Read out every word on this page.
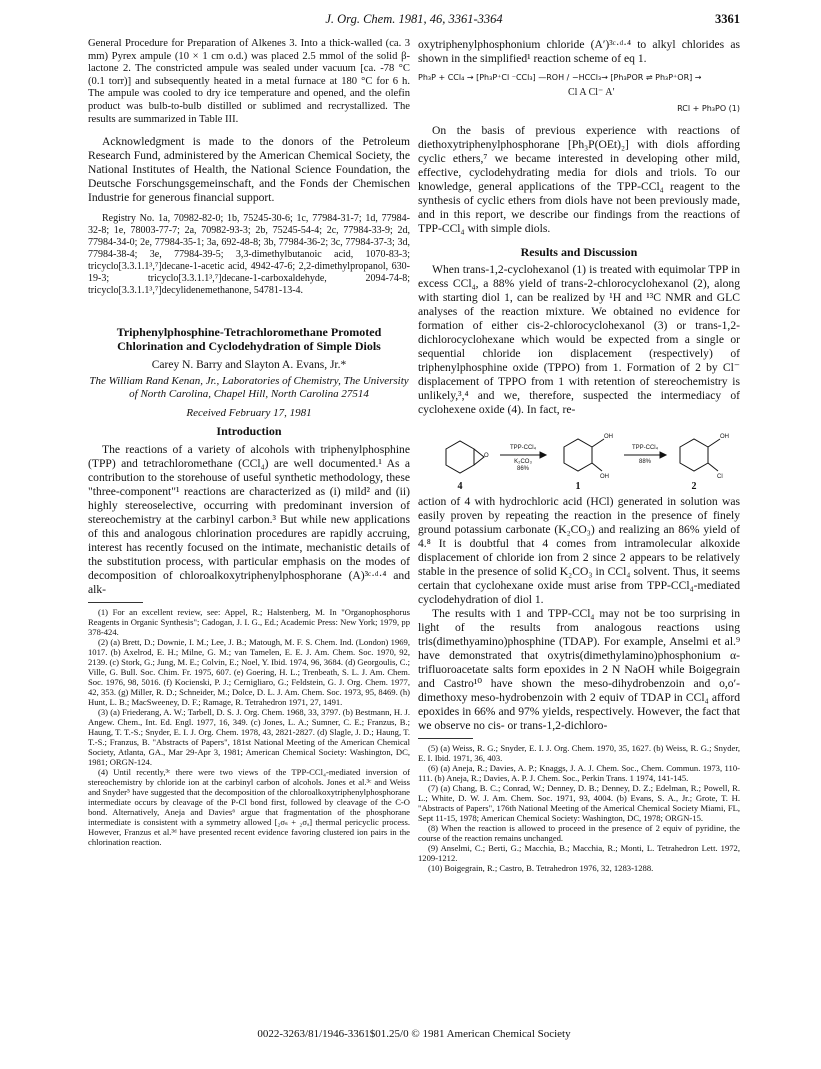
J. Org. Chem. 1981, 46, 3361-3364	3361

General Procedure for Preparation of Alkenes 3. Into a thick-walled (ca. 3 mm) Pyrex ampule (10 × 1 cm o.d.) was placed 2.5 mmol of the solid β-lactone 2. The constricted ampule was sealed under vacuum [ca. -78 °C (0.1 torr)] and subsequently heated in a metal furnace at 180 °C for 6 h. The ampule was cooled to dry ice temperature and opened, and the olefin product was bulb-to-bulb distilled or sublimed and recrystallized. The results are summarized in Table III.

Acknowledgment is made to the donors of the Petroleum Research Fund, administered by the American Chemical Society, the National Institutes of Health, the National Science Foundation, the Deutsche Forschungsgemeinschaft, and the Fonds der Chemischen Industrie for generous financial support.

Registry No. 1a, 70982-82-0; 1b, 75245-30-6; 1c, 77984-31-7; 1d, 77984-32-8; 1e, 78003-77-7; 2a, 70982-93-3; 2b, 75245-54-4; 2c, 77984-33-9; 2d, 77984-34-0; 2e, 77984-35-1; 3a, 692-48-8; 3b, 77984-36-2; 3c, 77984-37-3; 3d, 77984-38-4; 3e, 77984-39-5; 3,3-dimethylbutanoic acid, 1070-83-3; tricyclo[3.3.1.1³,⁷]decane-1-acetic acid, 4942-47-6; 2,2-dimethylpropanol, 630-19-3; tricyclo[3.3.1.1³,⁷]decane-1-carboxaldehyde, 2094-74-8; tricyclo[3.3.1.1³,⁷]decylidenemethanone, 54781-13-4.

Triphenylphosphine-Tetrachloromethane Promoted Chlorination and Cyclodehydration of Simple Diols
Carey N. Barry and Slayton A. Evans, Jr.*
The William Rand Kenan, Jr., Laboratories of Chemistry, The University of North Carolina, Chapel Hill, North Carolina 27514
Received February 17, 1981
Introduction

The reactions of a variety of alcohols with triphenylphosphine (TPP) and tetrachloromethane (CCl₄) are well documented.¹ As a contribution to the storehouse of useful synthetic methodology, these "three-component"¹ reactions are characterized as (i) mild² and (ii) highly stereoselective, occurring with predominant inversion of stereochemistry at the carbinyl carbon.³ But while new applications of this and analogous chlorination procedures are rapidly accruing, interest has recently focused on the intimate, mechanistic details of the substitution process, with particular emphasis on the modes of decomposition of chloroalkoxytriphenylphosphorane (A)³ᶜ·ᵈ·⁴ and alk-

(1) For an excellent review, see: Appel, R.; Halstenberg, M. In "Organophosphorus Reagents in Organic Synthesis"; Cadogan, J. I. G., Ed.; Academic Press: New York; 1979, pp 378-424.

(2) (a) Brett, D.; Downie, I. M.; Lee, J. B.; Matough, M. F. S. Chem. Ind. (London) 1969, 1017. (b) Axelrod, E. H.; Milne, G. M.; van Tamelen, E. E. J. Am. Chem. Soc. 1970, 92, 2139. (c) Stork, G.; Jung, M. E.; Colvin, E.; Noel, Y. Ibid. 1974, 96, 3684. (d) Georgoulis, C.; Ville, G. Bull. Soc. Chim. Fr. 1975, 607. (e) Goering, H. L.; Trenbeath, S. L. J. Am. Chem. Soc. 1976, 98, 5016. (f) Kocienski, P. J.; Cernigliaro, G.; Feldstein, G. J. Org. Chem. 1977, 42, 353. (g) Miller, R. D.; Schneider, M.; Dolce, D. L. J. Am. Chem. Soc. 1973, 95, 8469. (h) Hunt, L. B.; MacSweeney, D. F.; Ramage, R. Tetrahedron 1971, 27, 1491.

(3) (a) Friederang, A. W.; Tarbell, D. S. J. Org. Chem. 1968, 33, 3797. (b) Bestmann, H. J. Angew. Chem., Int. Ed. Engl. 1977, 16, 349. (c) Jones, L. A.; Sumner, C. E.; Franzus, B.; Haung, T. T.-S.; Snyder, E. I. J. Org. Chem. 1978, 43, 2821-2827. (d) Slagle, J. D.; Haung, T. T.-S.; Franzus, B. "Abstracts of Papers", 181st National Meeting of the American Chemical Society, Atlanta, GA., Mar 29-Apr 3, 1981; American Chemical Society: Washington, DC, 1981; ORGN-124.

(4) Until recently,³ᶜ there were two views of the TPP-CCl₄-mediated inversion of stereochemistry by chloride ion at the carbinyl carbon of alcohols. Jones et al.³ᶜ and Weiss and Snyder⁵ have suggested that the decomposition of the chloroalkoxytriphenylphosphorane intermediate occurs by cleavage of the P-Cl bond first, followed by cleavage of the C-O bond. Alternatively, Aneja and Davies⁶ argue that fragmentation of the phosphorane intermediate is consistent with a symmetry allowed [₂σₛ + ₂σₐ] thermal pericyclic process. However, Franzus et al.³ᵈ have presented recent evidence favoring clustered ion pairs in the chlorination reaction.

oxytriphenylphosphonium chloride (A′)³ᶜ·ᵈ·⁴ to alkyl chlorides as shown in the simplified¹ reaction scheme of eq 1.

Ph₃P + CCl₄ → [Ph₃P⁺Cl ⁻CCl₃] —ROH / −HCCl₃→ [Ph₃POR ⇌ Ph₃P⁺OR] →
Cl A Cl⁻ A′
RCl + Ph₃PO (1)

On the basis of previous experience with reactions of diethoxytriphenylphosphorane [Ph₃P(OEt)₂] with diols affording cyclic ethers,⁷ we became interested in developing other mild, effective, cyclodehydrating media for diols and triols. To our knowledge, general applications of the TPP-CCl₄ reagent to the synthesis of cyclic ethers from diols have not been previously made, and in this report, we describe our findings from the reactions of TPP-CCl₄ with simple diols.

Results and Discussion

When trans-1,2-cyclohexanol (1) is treated with equimolar TPP in excess CCl₄, a 88% yield of trans-2-chlorocyclohexanol (2), along with starting diol 1, can be realized by ¹H and ¹³C NMR and GLC analyses of the reaction mixture. We obtained no evidence for formation of either cis-2-chlorocyclohexanol (3) or trans-1,2-dichlorocyclohexane which would be expected from a single or sequential chloride ion displacement (respectively) of triphenylphosphine oxide (TPPO) from 1. Formation of 2 by Cl⁻ displacement of TPPO from 1 with retention of stereochemistry is unlikely,³,⁴ and we, therefore, suspected the intermediacy of cyclohexene oxide (4). In fact, re-

O
TPP-CCl₄
K₂CO₃
86%
OH
OH
TPP-CCl₄
88%
OH
Cl
4	1	2

action of 4 with hydrochloric acid (HCl) generated in solution was easily proven by repeating the reaction in the presence of finely ground potassium carbonate (K₂CO₃) and realizing an 86% yield of 4.⁸ It is doubtful that 4 comes from intramolecular alkoxide displacement of chloride ion from 2 since 2 appears to be relatively stable in the presence of solid K₂CO₃ in CCl₄ solvent. Thus, it seems certain that cyclohexane oxide must arise from TPP-CCl₄-mediated cyclodehydration of diol 1.

The results with 1 and TPP-CCl₄ may not be too surprising in light of the results from analogous reactions using tris(dimethyamino)phosphine (TDAP). For example, Anselmi et al.⁹ have demonstrated that oxytris(dimethylamino)phosphonium α-trifluoroacetate salts form epoxides in 2 N NaOH while Boigegrain and Castro¹⁰ have shown the meso-dihydrobenzoin and o,o′-dimethoxy meso-hydrobenzoin with 2 equiv of TDAP in CCl₄ afford epoxides in 66% and 97% yields, respectively. However, the fact that we observe no cis- or trans-1,2-dichloro-

(5) (a) Weiss, R. G.; Snyder, E. I. J. Org. Chem. 1970, 35, 1627. (b) Weiss, R. G.; Snyder, E. I. Ibid. 1971, 36, 403.

(6) (a) Aneja, R.; Davies, A. P.; Knaggs, J. A. J. Chem. Soc., Chem. Commun. 1973, 110-111. (b) Aneja, R.; Davies, A. P. J. Chem. Soc., Perkin Trans. 1 1974, 141-145.

(7) (a) Chang, B. C.; Conrad, W.; Denney, D. B.; Denney, D. Z.; Edelman, R.; Powell, R. L.; White, D. W. J. Am. Chem. Soc. 1971, 93, 4004. (b) Evans, S. A., Jr.; Grote, T. H. "Abstracts of Papers", 176th National Meeting of the Americal Chemical Society Miami, FL, Sept 11-15, 1978; American Chemical Society: Washington, DC, 1978; ORGN-15.

(8) When the reaction is allowed to proceed in the presence of 2 equiv of pyridine, the course of the reaction remains unchanged.

(9) Anselmi, C.; Berti, G.; Macchia, B.; Macchia, R.; Monti, L. Tetrahedron Lett. 1972, 1209-1212.

(10) Boigegrain, R.; Castro, B. Tetrahedron 1976, 32, 1283-1288.

0022-3263/81/1946-3361$01.25/0 © 1981 American Chemical Society
